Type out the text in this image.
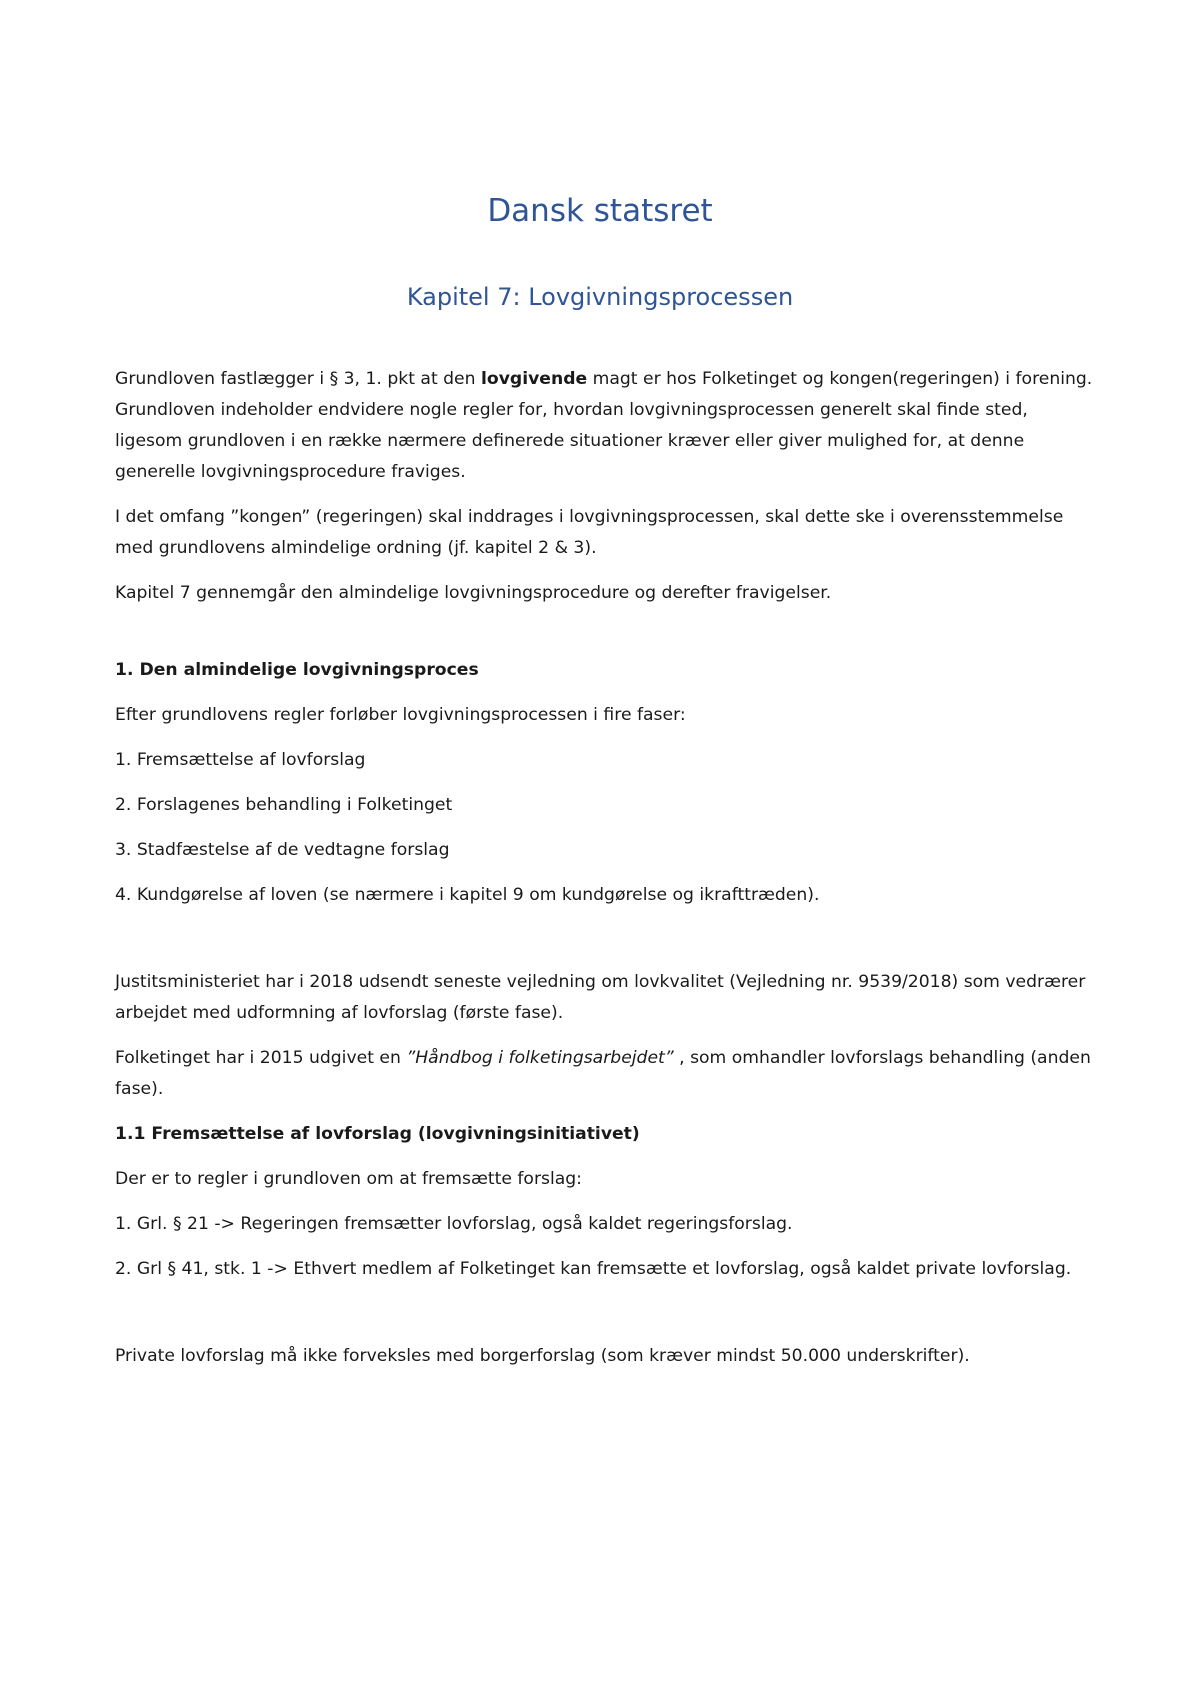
Dansk statsret
Kapitel 7: Lovgivningsprocessen

Grundloven fastlægger i § 3, 1. pkt at den lovgivende magt er hos Folketinget og kongen(regeringen) i forening. Grundloven indeholder endvidere nogle regler for, hvordan lovgivningsprocessen generelt skal finde sted, ligesom grundloven i en række nærmere definerede situationer kræver eller giver mulighed for, at denne generelle lovgivningsprocedure fraviges.

I det omfang ”kongen” (regeringen) skal inddrages i lovgivningsprocessen, skal dette ske i overensstemmelse med grundlovens almindelige ordning (jf. kapitel 2 & 3).

Kapitel 7 gennemgår den almindelige lovgivningsprocedure og derefter fravigelser.

1. Den almindelige lovgivningsproces

Efter grundlovens regler forløber lovgivningsprocessen i fire faser:

1. Fremsættelse af lovforslag

2. Forslagenes behandling i Folketinget

3. Stadfæstelse af de vedtagne forslag

4. Kundgørelse af loven (se nærmere i kapitel 9 om kundgørelse og ikrafttræden).

Justitsministeriet har i 2018 udsendt seneste vejledning om lovkvalitet (Vejledning nr. 9539/2018) som vedrærer arbejdet med udformning af lovforslag (første fase).

Folketinget har i 2015 udgivet en ”Håndbog i folketingsarbejdet” , som omhandler lovforslags behandling (anden fase).

1.1 Fremsættelse af lovforslag (lovgivningsinitiativet)

Der er to regler i grundloven om at fremsætte forslag:

1. Grl. § 21 -> Regeringen fremsætter lovforslag, også kaldet regeringsforslag.

2. Grl § 41, stk. 1 -> Ethvert medlem af Folketinget kan fremsætte et lovforslag, også kaldet private lovforslag.

Private lovforslag må ikke forveksles med borgerforslag (som kræver mindst 50.000 underskrifter).
